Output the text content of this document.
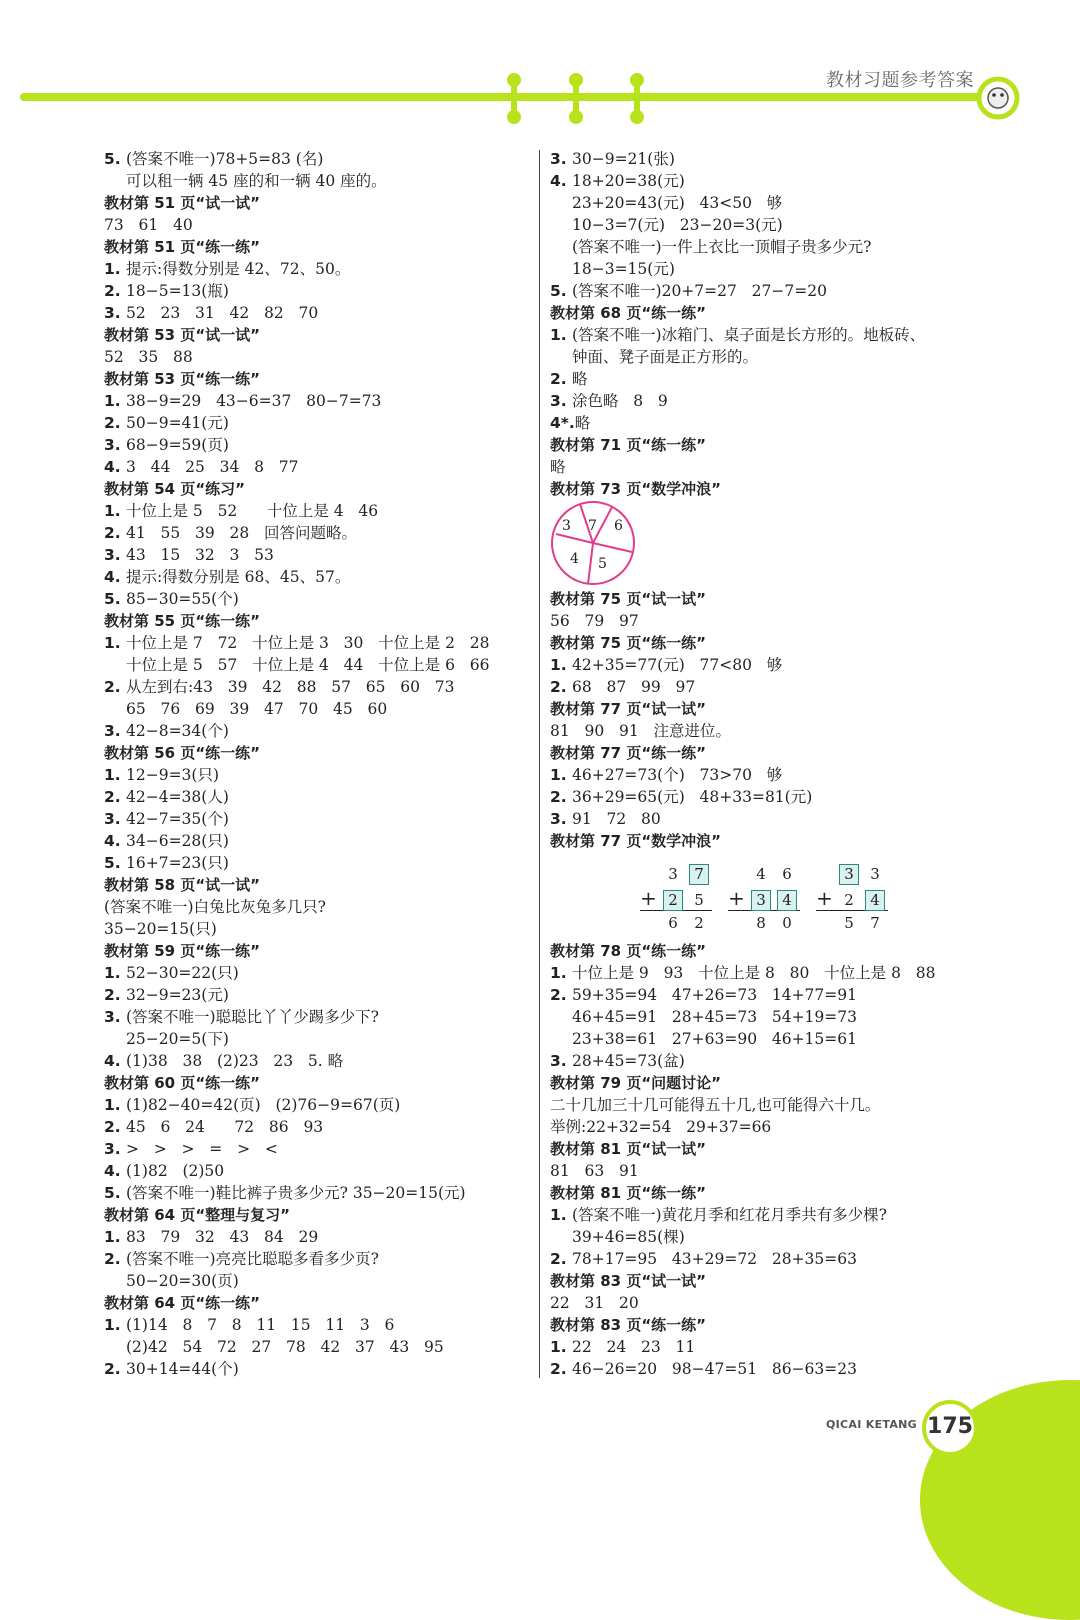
教材习题参考答案
5. (答案不唯一)78+5=83 (名)
可以租一辆 45 座的和一辆 40 座的。
教材第 51 页“试一试”
73   61   40
教材第 51 页“练一练”
1. 提示:得数分别是 42、72、50。
2. 18−5=13(瓶)
3. 52   23   31   42   82   70
教材第 53 页“试一试”
52   35   88
教材第 53 页“练一练”
1. 38−9=29   43−6=37   80−7=73
2. 50−9=41(元)
3. 68−9=59(页)
4. 3   44   25   34   8   77
教材第 54 页“练习”
1. 十位上是 5   52      十位上是 4   46
2. 41   55   39   28   回答问题略。
3. 43   15   32   3   53
4. 提示:得数分别是 68、45、57。
5. 85−30=55(个)
教材第 55 页“练一练”
1. 十位上是 7   72   十位上是 3   30   十位上是 2   28
十位上是 5   57   十位上是 4   44   十位上是 6   66
2. 从左到右:43   39   42   88   57   65   60   73
65   76   69   39   47   70   45   60
3. 42−8=34(个)
教材第 56 页“练一练”
1. 12−9=3(只)
2. 42−4=38(人)
3. 42−7=35(个)
4. 34−6=28(只)
5. 16+7=23(只)
教材第 58 页“试一试”
(答案不唯一)白兔比灰兔多几只?
35−20=15(只)
教材第 59 页“练一练”
1. 52−30=22(只)
2. 32−9=23(元)
3. (答案不唯一)聪聪比丫丫少踢多少下?
25−20=5(下)
4. (1)38   38   (2)23   23   5. 略
教材第 60 页“练一练”
1. (1)82−40=42(页)   (2)76−9=67(页)
2. 45   6   24      72   86   93
3. >   >   >   =   >   <
4. (1)82   (2)50
5. (答案不唯一)鞋比裤子贵多少元? 35−20=15(元)
教材第 64 页“整理与复习”
1. 83   79   32   43   84   29
2. (答案不唯一)亮亮比聪聪多看多少页?
50−20=30(页)
教材第 64 页“练一练”
1. (1)14   8   7   8   11   15   11   3   6
(2)42   54   72   27   78   42   37   43   95
2. 30+14=44(个)
3. 30−9=21(张)
4. 18+20=38(元)
23+20=43(元)   43<50   够
10−3=7(元)   23−20=3(元)
(答案不唯一)一件上衣比一顶帽子贵多少元?
18−3=15(元)
5. (答案不唯一)20+7=27   27−7=20
教材第 68 页“练一练”
1. (答案不唯一)冰箱门、桌子面是长方形的。地板砖、
钟面、凳子面是正方形的。
2. 略
3. 涂色略   8   9
4*.略
教材第 71 页“练一练”
略
教材第 73 页“数学冲浪”
3 7 6
4 5
教材第 75 页“试一试”
56   79   97
教材第 75 页“练一练”
1. 42+35=77(元)   77<80   够
2. 68   87   99   97
教材第 77 页“试一试”
81   90   91   注意进位。
教材第 77 页“练一练”
1. 46+27=73(个)   73>70   够
2. 36+29=65(元)   48+33=81(元)
3. 91   72   80
教材第 77 页“数学冲浪”
3 7
+ 2 5
6 2
4 6
+ 3 4
8 0
3 3
+ 2 4
5 7
教材第 78 页“练一练”
1. 十位上是 9   93   十位上是 8   80   十位上是 8   88
2. 59+35=94   47+26=73   14+77=91
46+45=91   28+45=73   54+19=73
23+38=61   27+63=90   46+15=61
3. 28+45=73(盆)
教材第 79 页“问题讨论”
二十几加三十几可能得五十几,也可能得六十几。
举例:22+32=54   29+37=66
教材第 81 页“试一试”
81   63   91
教材第 81 页“练一练”
1. (答案不唯一)黄花月季和红花月季共有多少棵?
39+46=85(棵)
2. 78+17=95   43+29=72   28+35=63
教材第 83 页“试一试”
22   31   20
教材第 83 页“练一练”
1. 22   24   23   11
2. 46−26=20   98−47=51   86−63=23
QICAI KETANG 175
